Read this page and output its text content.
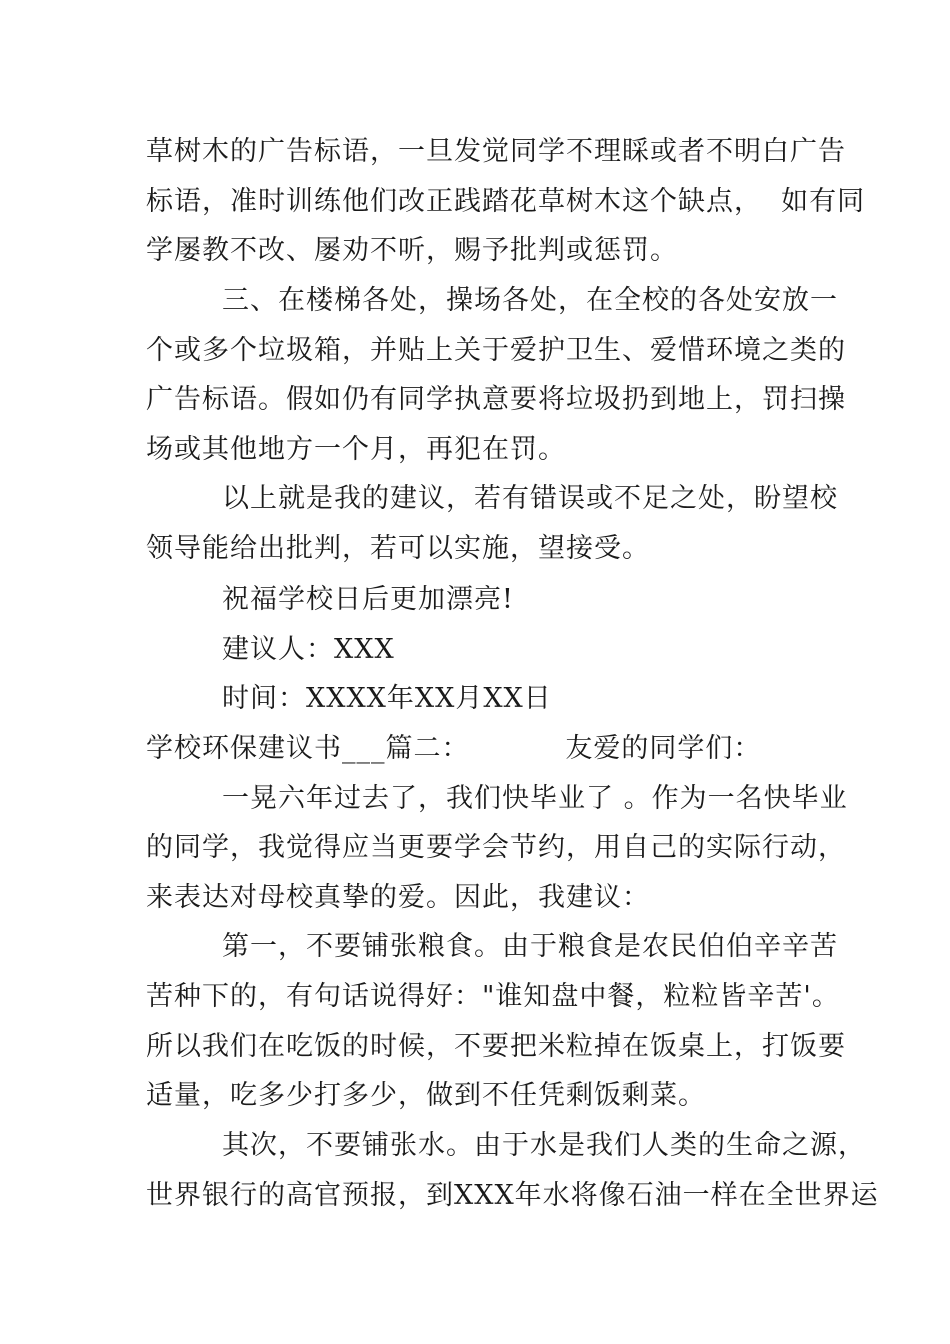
草树木的广告标语，一旦发觉同学不理睬或者不明白广告
标语，准时训练他们改正践踏花草树木这个缺点，  如有同
学屡教不改、屡劝不听，赐予批判或惩罚。
三、在楼梯各处，操场各处，在全校的各处安放一
个或多个垃圾箱，并贴上关于爱护卫生、爱惜环境之类的
广告标语。假如仍有同学执意要将垃圾扔到地上，罚扫操
场或其他地方一个月，再犯在罚。
以上就是我的建议，若有错误或不足之处，盼望校
领导能给出批判，若可以实施，望接受。
祝福学校日后更加漂亮!
建议人：XXX
时间：XXXX年XX月XX日
学校环保建议书___篇二：          友爱的同学们：
一晃六年过去了，我们快毕业了 。作为一名快毕业
的同学，我觉得应当更要学会节约，用自己的实际行动，
来表达对母校真挚的爱。因此，我建议：
第一，不要铺张粮食。由于粮食是农民伯伯辛辛苦
苦种下的，有句话说得好："谁知盘中餐，粒粒皆辛苦'。
所以我们在吃饭的时候，不要把米粒掉在饭桌上，打饭要
适量，吃多少打多少，做到不任凭剩饭剩菜。
其次，不要铺张水。由于水是我们人类的生命之源，
世界银行的高官预报，到XXX年水将像石油一样在全世界运
